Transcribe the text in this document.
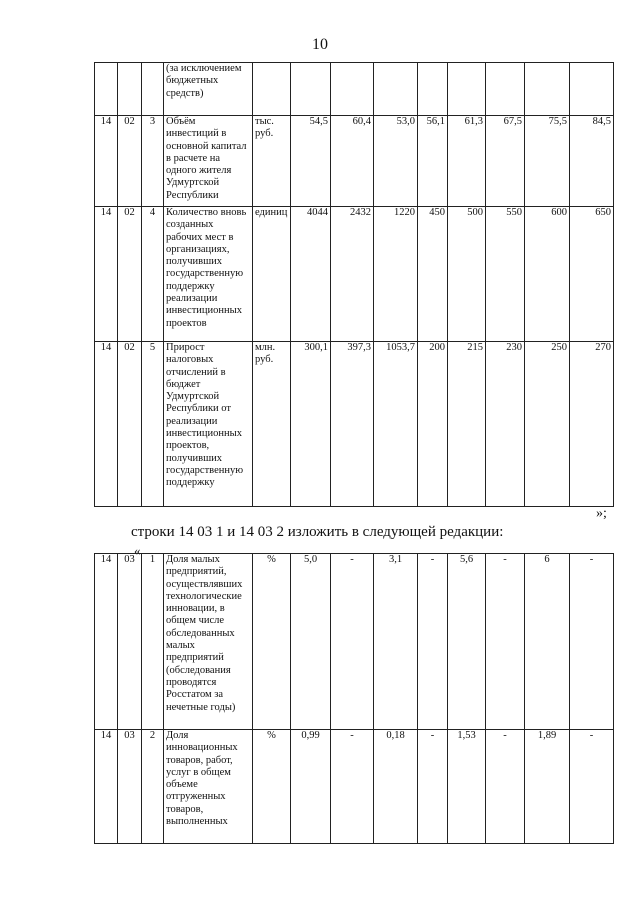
10
			(за исключением бюджетных средств)									
14	02	3	Объём инвестиций в основной капитал в расчете на одного жителя Удмуртской Республики	тыс. руб.	54,5	60,4	53,0	56,1	61,3	67,5	75,5	84,5
14	02	4	Количество вновь созданных рабочих мест в организациях, получивших государственную поддержку реализации инвестиционных проектов	единиц	4044	2432	1220	450	500	550	600	650
14	02	5	Прирост налоговых отчислений в бюджет Удмуртской Республики от реализации инвестиционных проектов, получивших государственную поддержку	млн. руб.	300,1	397,3	1053,7	200	215	230	250	270
»;
строки 14 03 1 и 14 03 2 изложить в следующей редакции:
«
14	03	1	Доля малых предприятий, осуществлявших технологические инновации, в общем числе обследованных малых предприятий (обследования проводятся Росстатом за нечетные годы)	%	5,0	-	3,1	-	5,6	-	6	-
14	03	2	Доля инновационных товаров, работ, услуг в общем объеме отгруженных товаров, выполненных	%	0,99	-	0,18	-	1,53	-	1,89	-
